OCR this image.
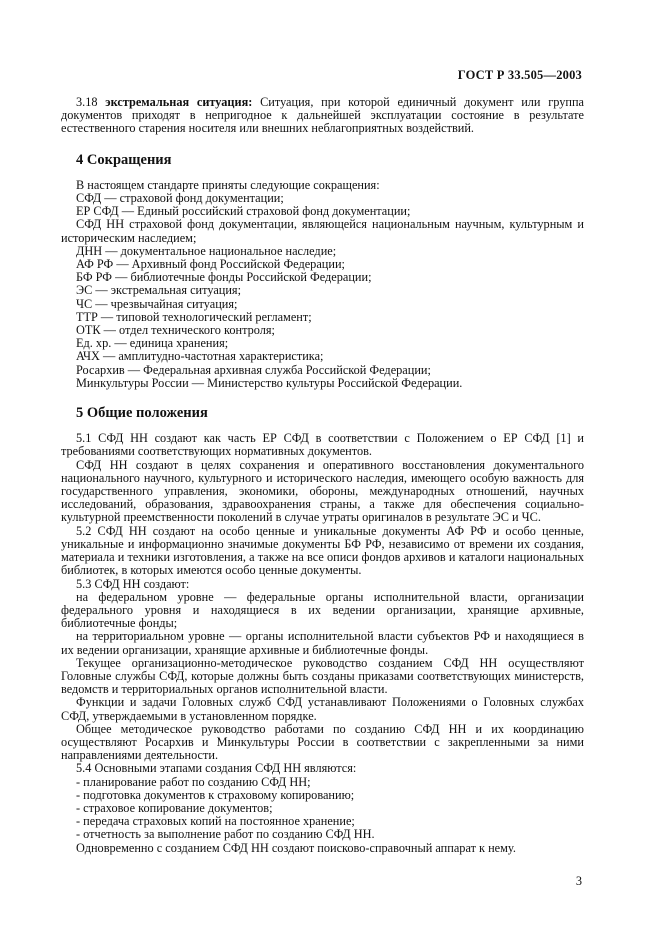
ГОСТ Р 33.505—2003

3.18 экстремальная ситуация: Ситуация, при которой единичный документ или группа документов приходят в непригодное к дальнейшей эксплуатации состояние в результате естественного старения носителя или внешних неблагоприятных воздействий.

4 Сокращения

В настоящем стандарте приняты следующие сокращения:

СФД — страховой фонд документации;

ЕР СФД — Единый российский страховой фонд документации;

СФД НН страховой фонд документации, являющейся национальным научным, культурным и историческим наследием;

ДНН — документальное национальное наследие;

АФ РФ — Архивный фонд Российской Федерации;

БФ РФ — библиотечные фонды Российской Федерации;

ЭС — экстремальная ситуация;

ЧС — чрезвычайная ситуация;

ТТР — типовой технологический регламент;

ОТК — отдел технического контроля;

Ед. хр. — единица хранения;

АЧХ — амплитудно-частотная характеристика;

Росархив — Федеральная архивная служба Российской Федерации;

Минкультуры России — Министерство культуры Российской Федерации.

5 Общие положения

5.1 СФД НН создают как часть ЕР СФД в соответствии с Положением о ЕР СФД [1] и требованиями соответствующих нормативных документов.

СФД НН создают в целях сохранения и оперативного восстановления документального национального научного, культурного и исторического наследия, имеющего особую важность для государственного управления, экономики, обороны, международных отношений, научных исследований, образования, здравоохранения страны, а также для обеспечения социально-культурной преемственности поколений в случае утраты оригиналов в результате ЭС и ЧС.

5.2 СФД НН создают на особо ценные и уникальные документы АФ РФ и особо ценные, уникальные и информационно значимые документы БФ РФ, независимо от времени их создания, материала и техники изготовления, а также на все описи фондов архивов и каталоги национальных библиотек, в которых имеются особо ценные документы.

5.3 СФД НН создают:

на федеральном уровне — федеральные органы исполнительной власти, организации федерального уровня и находящиеся в их ведении организации, хранящие архивные, библиотечные фонды;

на территориальном уровне — органы исполнительной власти субъектов РФ и находящиеся в их ведении организации, хранящие архивные и библиотечные фонды.

Текущее организационно-методическое руководство созданием СФД НН осуществляют Головные службы СФД, которые должны быть созданы приказами соответствующих министерств, ведомств и территориальных органов исполнительной власти.

Функции и задачи Головных служб СФД устанавливают Положениями о Головных службах СФД, утверждаемыми в установленном порядке.

Общее методическое руководство работами по созданию СФД НН и их координацию осуществляют Росархив и Минкультуры России в соответствии с закрепленными за ними направлениями деятельности.

5.4 Основными этапами создания СФД НН являются:

- планирование работ по созданию СФД НН;

- подготовка документов к страховому копированию;

- страховое копирование документов;

- передача страховых копий на постоянное хранение;

- отчетность за выполнение работ по созданию СФД НН.

Одновременно с созданием СФД НН создают поисково-справочный аппарат к нему.

3
